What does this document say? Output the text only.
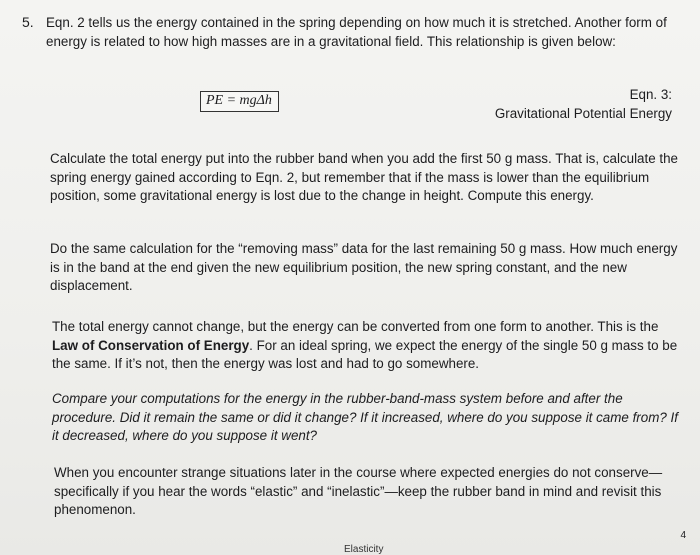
5. Eqn. 2 tells us the energy contained in the spring depending on how much it is stretched. Another form of energy is related to how high masses are in a gravitational field. This relationship is given below:

PE = mgΔh	Eqn. 3:
Gravitational Potential Energy

Calculate the total energy put into the rubber band when you add the first 50 g mass. That is, calculate the spring energy gained according to Eqn. 2, but remember that if the mass is lower than the equilibrium position, some gravitational energy is lost due to the change in height. Compute this energy.

Do the same calculation for the “removing mass” data for the last remaining 50 g mass. How much energy is in the band at the end given the new equilibrium position, the new spring constant, and the new displacement.

The total energy cannot change, but the energy can be converted from one form to another. This is the Law of Conservation of Energy. For an ideal spring, we expect the energy of the single 50 g mass to be the same. If it’s not, then the energy was lost and had to go somewhere.

Compare your computations for the energy in the rubber-band-mass system before and after the procedure. Did it remain the same or did it change? If it increased, where do you suppose it came from? If it decreased, where do you suppose it went?

When you encounter strange situations later in the course where expected energies do not conserve—specifically if you hear the words “elastic” and “inelastic”—keep the rubber band in mind and revisit this phenomenon.

Elasticity
4
